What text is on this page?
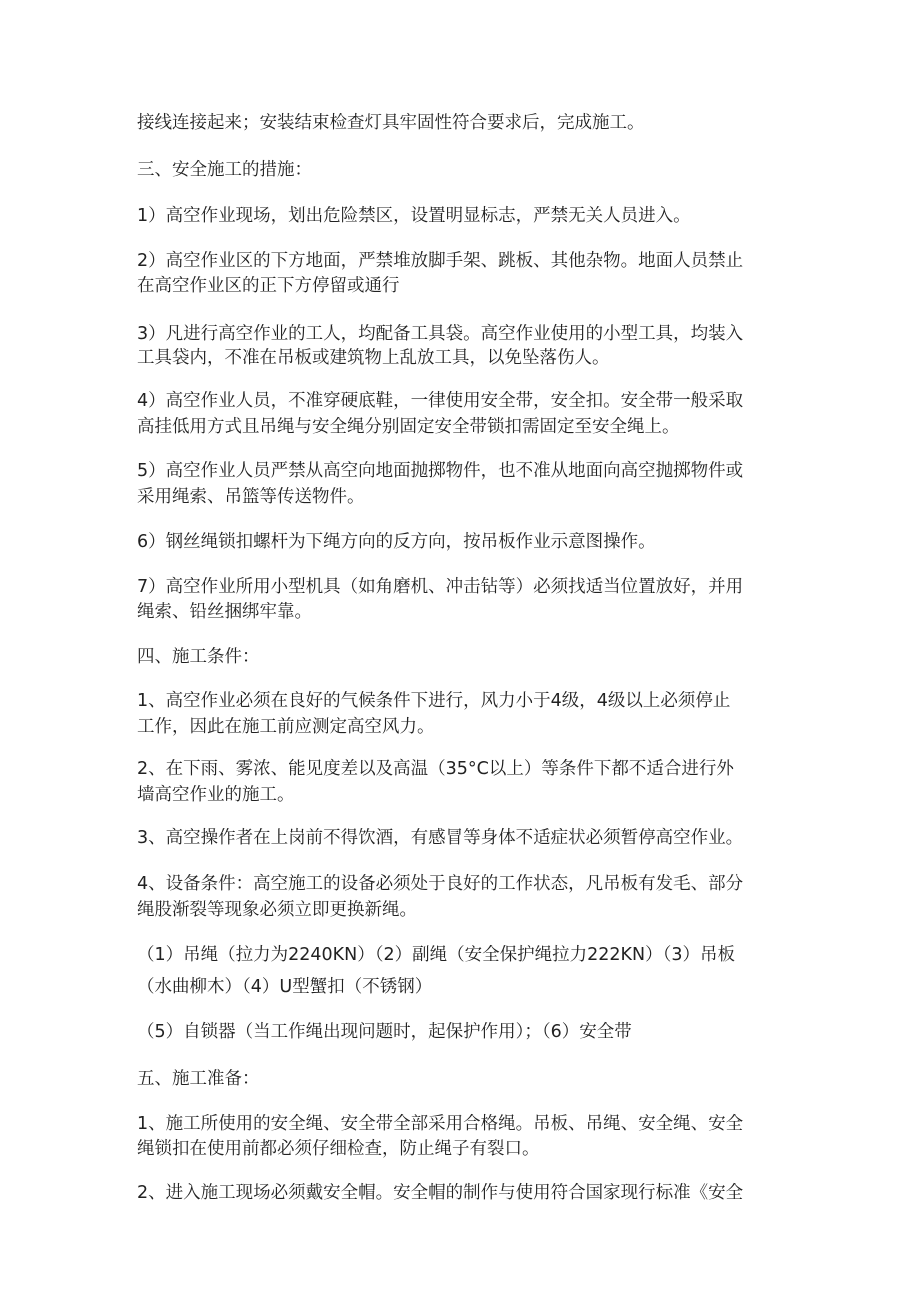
接线连接起来；安装结束检查灯具牢固性符合要求后，完成施工。
三、安全施工的措施：
1）高空作业现场，划出危险禁区，设置明显标志，严禁无关人员进入。
2）高空作业区的下方地面，严禁堆放脚手架、跳板、其他杂物。地面人员禁止
在高空作业区的正下方停留或通行
3）凡进行高空作业的工人，均配备工具袋。高空作业使用的小型工具，均装入
工具袋内，不准在吊板或建筑物上乱放工具，以免坠落伤人。
4）高空作业人员，不准穿硬底鞋，一律使用安全带，安全扣。安全带一般采取
高挂低用方式且吊绳与安全绳分别固定安全带锁扣需固定至安全绳上。
5）高空作业人员严禁从高空向地面抛掷物件，也不准从地面向高空抛掷物件或
采用绳索、吊篮等传送物件。
6）钢丝绳锁扣螺杆为下绳方向的反方向，按吊板作业示意图操作。
7）高空作业所用小型机具（如角磨机、冲击钻等）必须找适当位置放好，并用
绳索、铅丝捆绑牢靠。
四、施工条件：
1、高空作业必须在良好的气候条件下进行，风力小于4级，4级以上必须停止
工作，因此在施工前应测定高空风力。
2、在下雨、雾浓、能见度差以及高温（35°C以上）等条件下都不适合进行外
墙高空作业的施工。
3、高空操作者在上岗前不得饮酒，有感冒等身体不适症状必须暂停高空作业。
4、设备条件：高空施工的设备必须处于良好的工作状态，凡吊板有发毛、部分
绳股渐裂等现象必须立即更换新绳。
（1）吊绳（拉力为2240KN）（2）副绳（安全保护绳拉力222KN）（3）吊板
（水曲柳木）（4）U型蟹扣（不锈钢）
（5）自锁器（当工作绳出现问题时，起保护作用）；（6）安全带
五、施工准备：
1、施工所使用的安全绳、安全带全部采用合格绳。吊板、吊绳、安全绳、安全
绳锁扣在使用前都必须仔细检查，防止绳子有裂口。
2、进入施工现场必须戴安全帽。安全帽的制作与使用符合国家现行标准《安全
